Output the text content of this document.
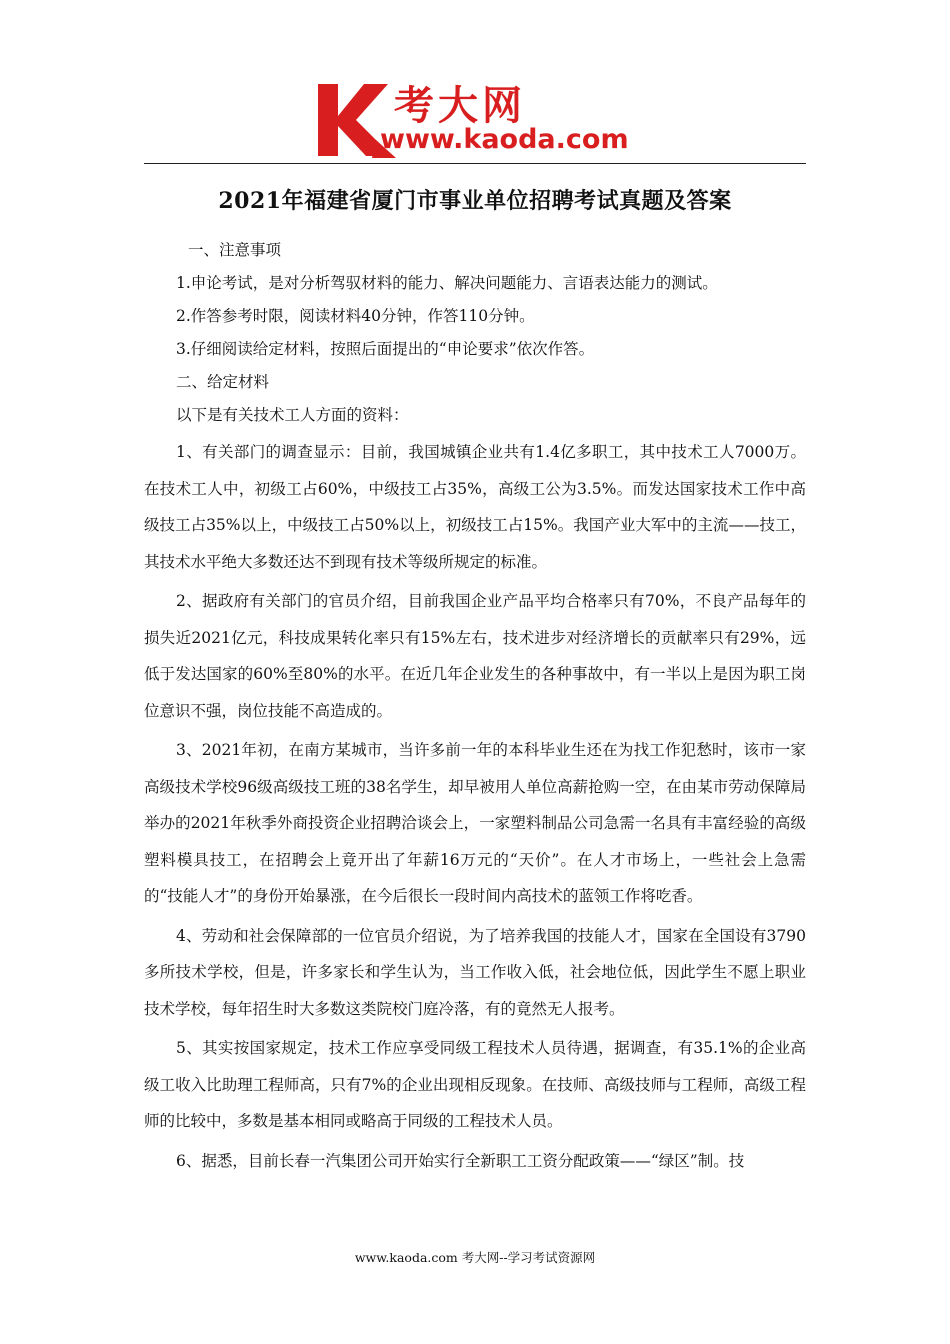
考大网
www.kaoda.com
2021年福建省厦门市事业单位招聘考试真题及答案

一、注意事项

1.申论考试，是对分析驾驭材料的能力、解决问题能力、言语表达能力的测试。

2.作答参考时限，阅读材料40分钟，作答110分钟。

3.仔细阅读给定材料，按照后面提出的“申论要求”依次作答。

二、给定材料

以下是有关技术工人方面的资料：

1、有关部门的调查显示：目前，我国城镇企业共有1.4亿多职工，其中技术工人7000万。在技术工人中，初级工占60%，中级技工占35%，高级工公为3.5%。而发达国家技术工作中高级技工占35%以上，中级技工占50%以上，初级技工占15%。我国产业大军中的主流——技工，其技术水平绝大多数还达不到现有技术等级所规定的标准。

2、据政府有关部门的官员介绍，目前我国企业产品平均合格率只有70%，不良产品每年的损失近2021亿元，科技成果转化率只有15%左右，技术进步对经济增长的贡献率只有29%，远低于发达国家的60%至80%的水平。在近几年企业发生的各种事故中，有一半以上是因为职工岗位意识不强，岗位技能不高造成的。

3、2021年初，在南方某城市，当许多前一年的本科毕业生还在为找工作犯愁时，该市一家高级技术学校96级高级技工班的38名学生，却早被用人单位高薪抢购一空，在由某市劳动保障局举办的2021年秋季外商投资企业招聘洽谈会上，一家塑料制品公司急需一名具有丰富经验的高级塑料模具技工，在招聘会上竟开出了年薪16万元的“天价”。在人才市场上，一些社会上急需的“技能人才”的身份开始暴涨，在今后很长一段时间内高技术的蓝领工作将吃香。

4、劳动和社会保障部的一位官员介绍说，为了培养我国的技能人才，国家在全国设有3790多所技术学校，但是，许多家长和学生认为，当工作收入低，社会地位低，因此学生不愿上职业技术学校，每年招生时大多数这类院校门庭冷落，有的竟然无人报考。

5、其实按国家规定，技术工作应享受同级工程技术人员待遇，据调查，有35.1%的企业高级工收入比助理工程师高，只有7%的企业出现相反现象。在技师、高级技师与工程师，高级工程师的比较中，多数是基本相同或略高于同级的工程技术人员。

6、据悉，目前长春一汽集团公司开始实行全新职工工资分配政策——“绿区”制。技

www.kaoda.com 考大网--学习考试资源网
